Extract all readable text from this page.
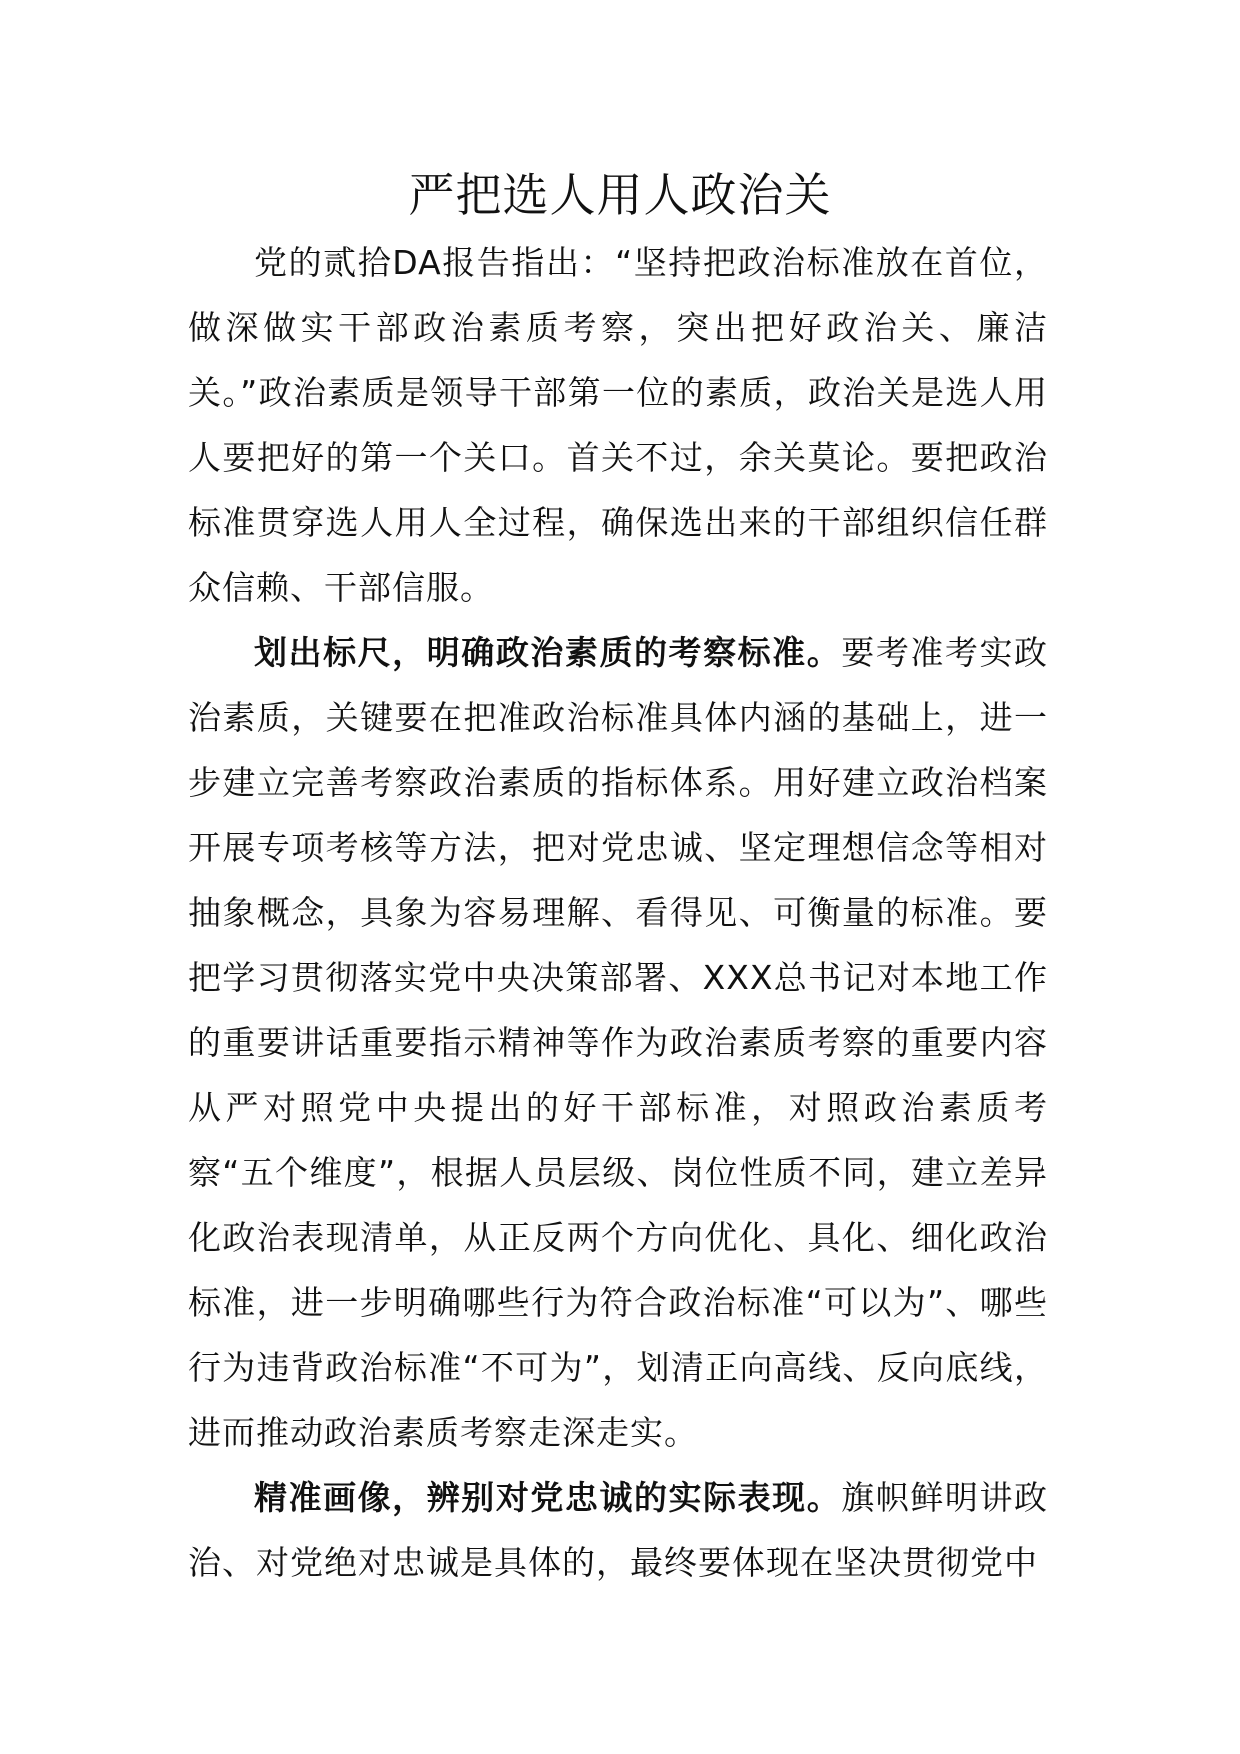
严把选人用人政治关

党的贰拾DA报告指出：“坚持把政治标准放在首位，做深做实干部政治素质考察，突出把好政治关、廉洁关。”政治素质是领导干部第一位的素质，政治关是选人用人要把好的第一个关口。首关不过，余关莫论。要把政治标准贯穿选人用人全过程，确保选出来的干部组织信任群众信赖、干部信服。

划出标尺，明确政治素质的考察标准。要考准考实政治素质，关键要在把准政治标准具体内涵的基础上，进一步建立完善考察政治素质的指标体系。用好建立政治档案开展专项考核等方法，把对党忠诚、坚定理想信念等相对抽象概念，具象为容易理解、看得见、可衡量的标准。要把学习贯彻落实党中央决策部署、XXX总书记对本地工作的重要讲话重要指示精神等作为政治素质考察的重要内容从严对照党中央提出的好干部标准，对照政治素质考察“五个维度”，根据人员层级、岗位性质不同，建立差异化政治表现清单，从正反两个方向优化、具化、细化政治标准，进一步明确哪些行为符合政治标准“可以为”、哪些行为违背政治标准“不可为”，划清正向高线、反向底线，进而推动政治素质考察走深走实。

精准画像，辨别对党忠诚的实际表现。旗帜鲜明讲政治、对党绝对忠诚是具体的，最终要体现在坚决贯彻党中
